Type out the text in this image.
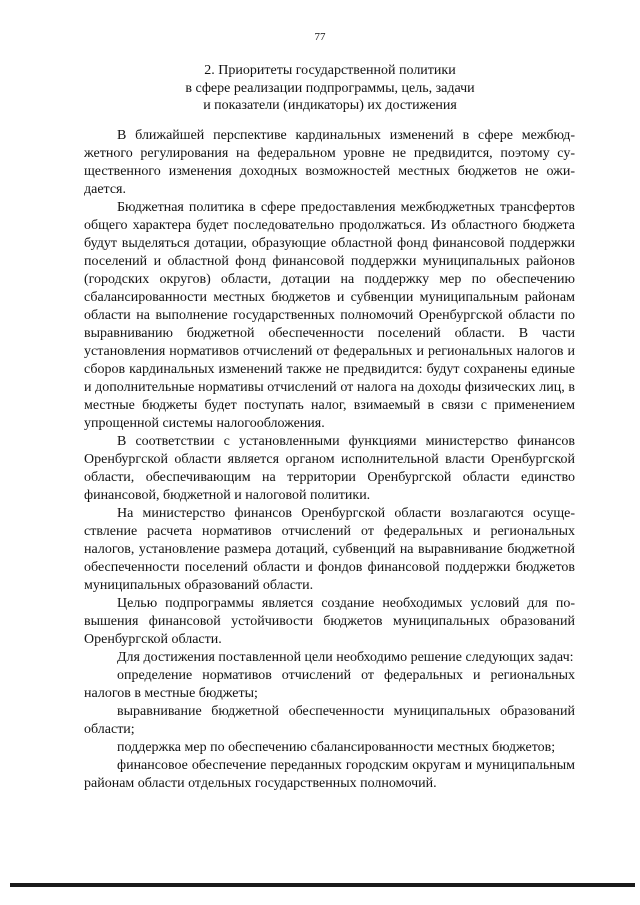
77
2. Приоритеты государственной политики
в сфере реализации подпрограммы, цель, задачи
и показатели (индикаторы) их достижения

В ближайшей перспективе кардинальных изменений в сфере межбюджетного регулирования на федеральном уровне не предвидится, поэтому существенного изменения доходных возможностей местных бюджетов не ожидается.

Бюджетная политика в сфере предоставления межбюджетных трансфертов общего характера будет последовательно продолжаться. Из областного бюджета будут выделяться дотации, образующие областной фонд финансовой поддержки поселений и областной фонд финансовой поддержки муниципальных районов (городских округов) области, дотации на поддержку мер по обеспечению сбалансированности местных бюджетов и субвенции муниципальным районам области на выполнение государственных полномочий Оренбургской области по выравниванию бюджетной обеспеченности поселений области. В части установления нормативов отчислений от федеральных и региональных налогов и сборов кардинальных изменений также не предвидится: будут сохранены единые и дополнительные нормативы отчислений от налога на доходы физических лиц, в местные бюджеты будет поступать налог, взимаемый в связи с применением упрощенной системы налогообложения.

В соответствии с установленными функциями министерство финансов Оренбургской области является органом исполнительной власти Оренбургской области, обеспечивающим на территории Оренбургской области единство финансовой, бюджетной и налоговой политики.

На министерство финансов Оренбургской области возлагаются осуществление расчета нормативов отчислений от федеральных и региональных налогов, установление размера дотаций, субвенций на выравнивание бюджетной обеспеченности поселений области и фондов финансовой поддержки бюджетов муниципальных образований области.

Целью подпрограммы является создание необходимых условий для повышения финансовой устойчивости бюджетов муниципальных образований Оренбургской области.

Для достижения поставленной цели необходимо решение следующих задач:

определение нормативов отчислений от федеральных и региональных налогов в местные бюджеты;

выравнивание бюджетной обеспеченности муниципальных образований области;

поддержка мер по обеспечению сбалансированности местных бюджетов;

финансовое обеспечение переданных городским округам и муниципальным районам области отдельных государственных полномочий.
